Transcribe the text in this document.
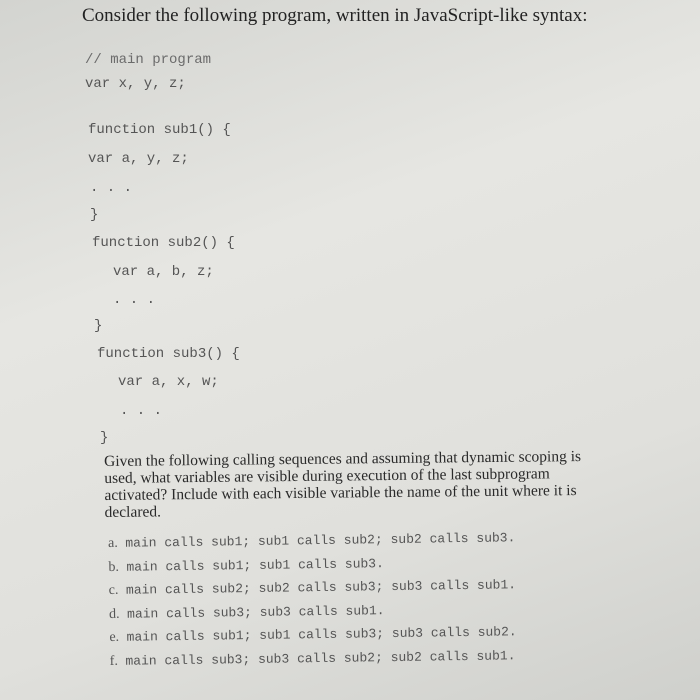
Consider the following program, written in JavaScript-like syntax:
// main program
var x, y, z;
function sub1() {
var a, y, z;
. . .
}
function sub2() {
var a, b, z;
. . .
}
function sub3() {
var a, x, w;
. . .
}
Given the following calling sequences and assuming that dynamic scoping is used, what variables are visible during execution of the last subprogram activated? Include with each visible variable the name of the unit where it is declared.
a. main calls sub1; sub1 calls sub2; sub2 calls sub3.
b. main calls sub1; sub1 calls sub3.
c. main calls sub2; sub2 calls sub3; sub3 calls sub1.
d. main calls sub3; sub3 calls sub1.
e. main calls sub1; sub1 calls sub3; sub3 calls sub2.
f. main calls sub3; sub3 calls sub2; sub2 calls sub1.
